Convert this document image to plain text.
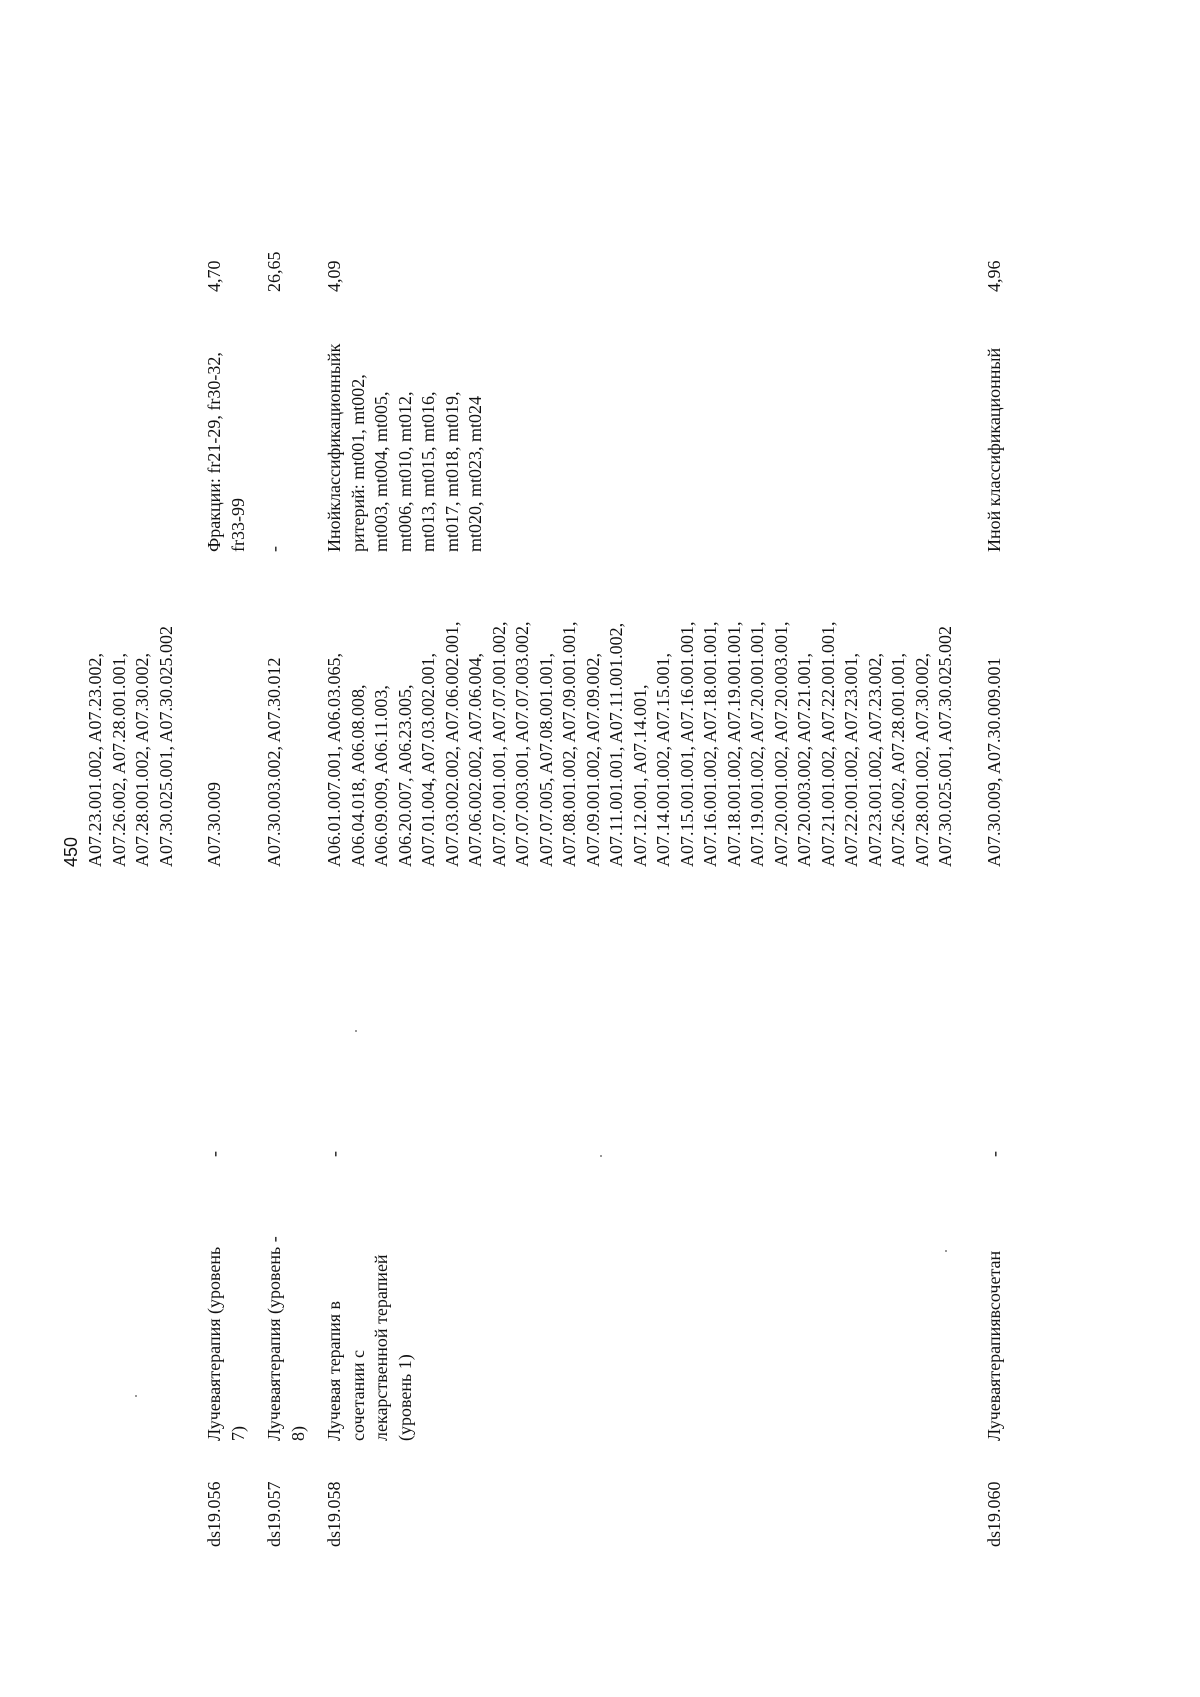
450 A07.23.001.002, A07.23.002,
A07.26.002, A07.28.001.001,
A07.28.001.002, A07.30.002,
A07.30.025.001, A07.30.025.002
ds19.056
Лучеваятерапия (уровень
7)
-
A07.30.009
Фракции: fr21-29, fr30-32,
fr33-99
4,70
ds19.057
Лучеваятерапия (уровень -
8)
A07.30.003.002, A07.30.012
-
26,65
ds19.058
Лучевая терапия в
сочетании с
лекарственной терапией
(уровень 1)
-
A06.01.007.001, A06.03.065,
A06.04.018, A06.08.008,
A06.09.009, A06.11.003,
A06.20.007, A06.23.005,
A07.01.004, A07.03.002.001,
A07.03.002.002, A07.06.002.001,
A07.06.002.002, A07.06.004,
A07.07.001.001, A07.07.001.002,
A07.07.003.001, A07.07.003.002,
A07.07.005, A07.08.001.001,
A07.08.001.002, A07.09.001.001,
A07.09.001.002, A07.09.002,
A07.11.001.001, A07.11.001.002,
A07.12.001, A07.14.001,
A07.14.001.002, A07.15.001,
A07.15.001.001, A07.16.001.001,
A07.16.001.002, A07.18.001.001,
A07.18.001.002, A07.19.001.001,
A07.19.001.002, A07.20.001.001,
A07.20.001.002, A07.20.003.001,
A07.20.003.002, A07.21.001,
A07.21.001.002, A07.22.001.001,
A07.22.001.002, A07.23.001,
A07.23.001.002, A07.23.002,
A07.26.002, A07.28.001.001,
A07.28.001.002, A07.30.002,
A07.30.025.001, A07.30.025.002
Инойклассификационныйк
ритерий: mt001, mt002,
mt003, mt004, mt005,
mt006, mt010, mt012,
mt013, mt015, mt016,
mt017, mt018, mt019,
mt020, mt023, mt024
4,09
ds19.060
Лучеваятерапиявсочетан
-
A07.30.009, A07.30.009.001
Иной классификационный
4,96
